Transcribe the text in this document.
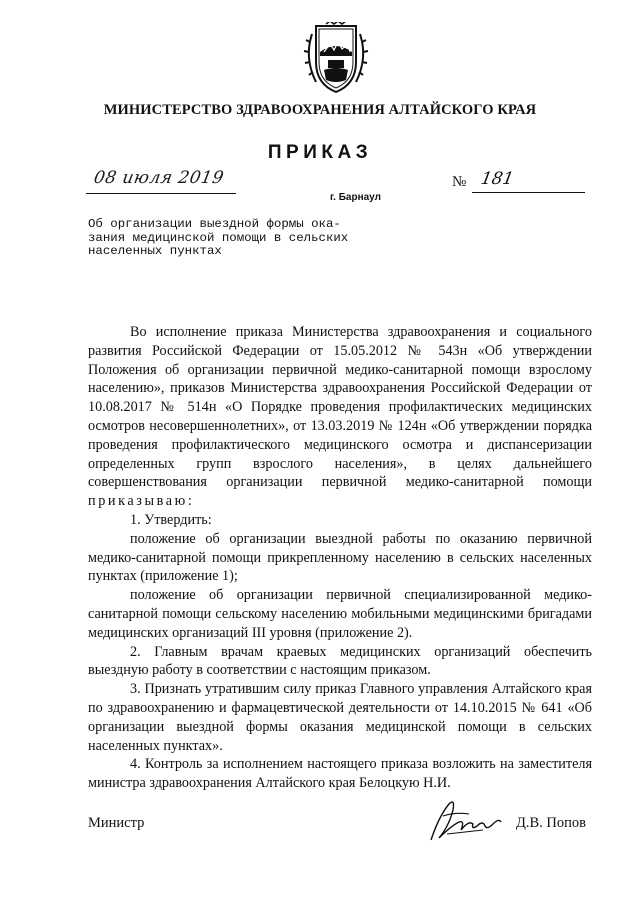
МИНИСТЕРСТВО ЗДРАВООХРАНЕНИЯ АЛТАЙСКОГО КРАЯ
ПРИКАЗ
08 июля 2019
г. Барнаул
№ 181
Об организации выездной формы ока-
зания медицинской помощи в сельских
населенных пунктах

Во исполнение приказа Министерства здравоохранения и социального развития Российской Федерации от 15.05.2012 № 543н «Об утверждении Положения об организации первичной медико-санитарной помощи взрослому населению», приказов Министерства здравоохранения Российской Федерации от 10.08.2017 № 514н «О Порядке проведения профилактических медицинских осмотров несовершеннолетних», от 13.03.2019 № 124н «Об утверждении порядка проведения профилактического медицинского осмотра и диспансеризации определенных групп взрослого населения», в целях дальнейшего совершенствования организации первичной медико-санитарной помощи приказываю:

1. Утвердить:

положение об организации выездной работы по оказанию первичной медико-санитарной помощи прикрепленному населению в сельских населенных пунктах (приложение 1);

положение об организации первичной специализированной медико-санитарной помощи сельскому населению мобильными медицинскими бригадами медицинских организаций III уровня (приложение 2).

2. Главным врачам краевых медицинских организаций обеспечить выездную работу в соответствии с настоящим приказом.

3. Признать утратившим силу приказ Главного управления Алтайского края по здравоохранению и фармацевтической деятельности от 14.10.2015 № 641 «Об организации выездной формы оказания медицинской помощи в сельских населенных пунктах».

4. Контроль за исполнением настоящего приказа возложить на заместителя министра здравоохранения Алтайского края Белоцкую Н.И.

Министр	Д.В. Попов
